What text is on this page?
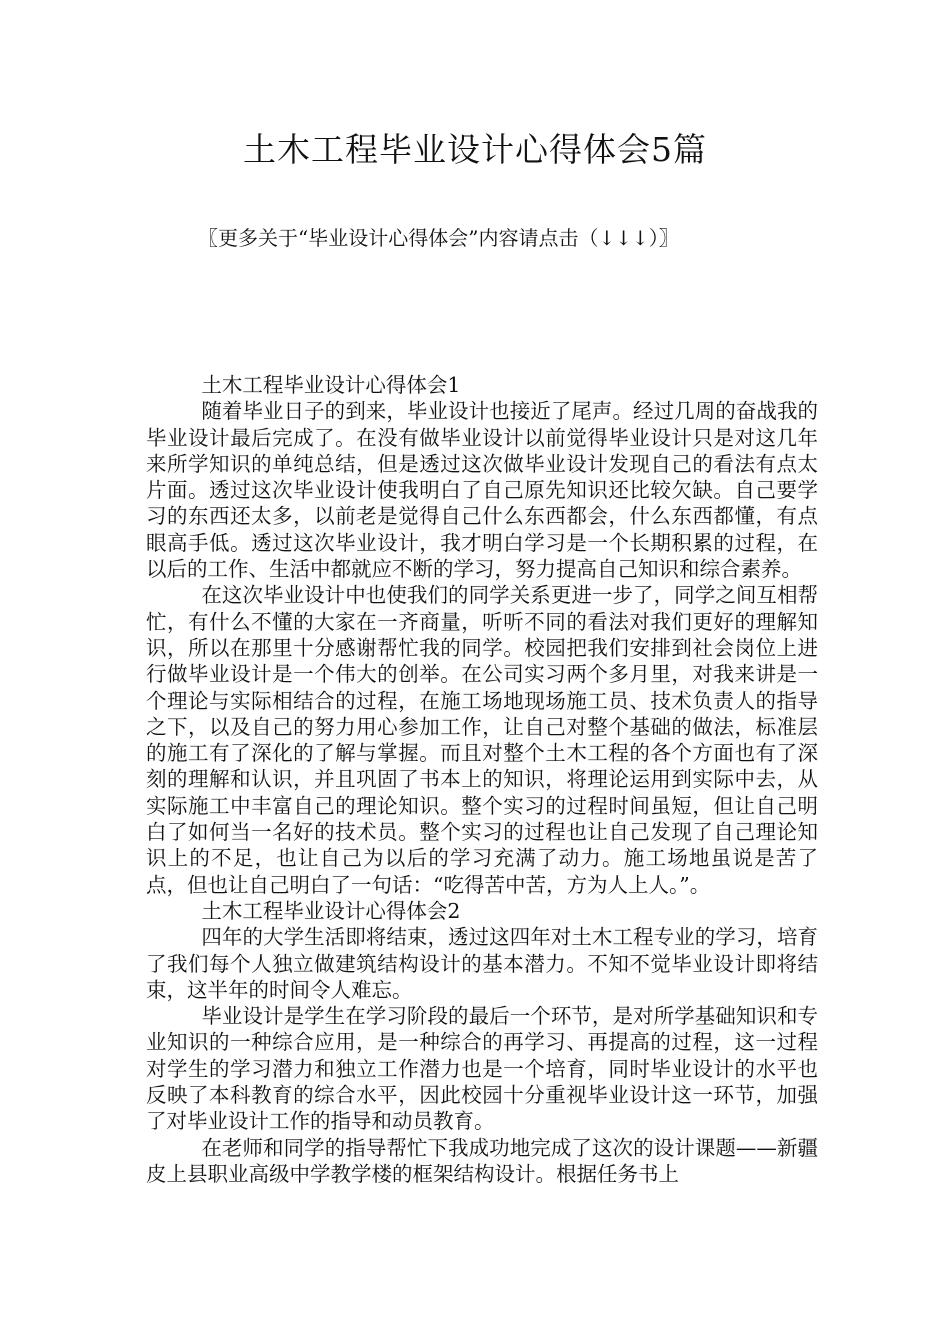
土木工程毕业设计心得体会5篇
〖更多关于“毕业设计心得体会”内容请点击（↓↓↓）〗
土木工程毕业设计心得体会1

随着毕业日子的到来，毕业设计也接近了尾声。经过几周的奋战我的毕业设计最后完成了。在没有做毕业设计以前觉得毕业设计只是对这几年来所学知识的单纯总结，但是透过这次做毕业设计发现自己的看法有点太片面。透过这次毕业设计使我明白了自己原先知识还比较欠缺。自己要学习的东西还太多，以前老是觉得自己什么东西都会，什么东西都懂，有点眼高手低。透过这次毕业设计，我才明白学习是一个长期积累的过程，在以后的工作、生活中都就应不断的学习，努力提高自己知识和综合素养。

在这次毕业设计中也使我们的同学关系更进一步了，同学之间互相帮忙，有什么不懂的大家在一齐商量，听听不同的看法对我们更好的理解知识，所以在那里十分感谢帮忙我的同学。校园把我们安排到社会岗位上进行做毕业设计是一个伟大的创举。在公司实习两个多月里，对我来讲是一个理论与实际相结合的过程，在施工场地现场施工员、技术负责人的指导之下，以及自己的努力用心参加工作，让自己对整个基础的做法，标准层的施工有了深化的了解与掌握。而且对整个土木工程的各个方面也有了深刻的理解和认识，并且巩固了书本上的知识，将理论运用到实际中去，从实际施工中丰富自己的理论知识。整个实习的过程时间虽短，但让自己明白了如何当一名好的技术员。整个实习的过程也让自己发现了自己理论知识上的不足，也让自己为以后的学习充满了动力。施工场地虽说是苦了点，但也让自己明白了一句话：“吃得苦中苦，方为人上人。”。

土木工程毕业设计心得体会2

四年的大学生活即将结束，透过这四年对土木工程专业的学习，培育了我们每个人独立做建筑结构设计的基本潜力。不知不觉毕业设计即将结束，这半年的时间令人难忘。

毕业设计是学生在学习阶段的最后一个环节，是对所学基础知识和专业知识的一种综合应用，是一种综合的再学习、再提高的过程，这一过程对学生的学习潜力和独立工作潜力也是一个培育，同时毕业设计的水平也反映了本科教育的综合水平，因此校园十分重视毕业设计这一环节，加强了对毕业设计工作的指导和动员教育。

在老师和同学的指导帮忙下我成功地完成了这次的设计课题——新疆皮上县职业高级中学教学楼的框架结构设计。根据任务书上
